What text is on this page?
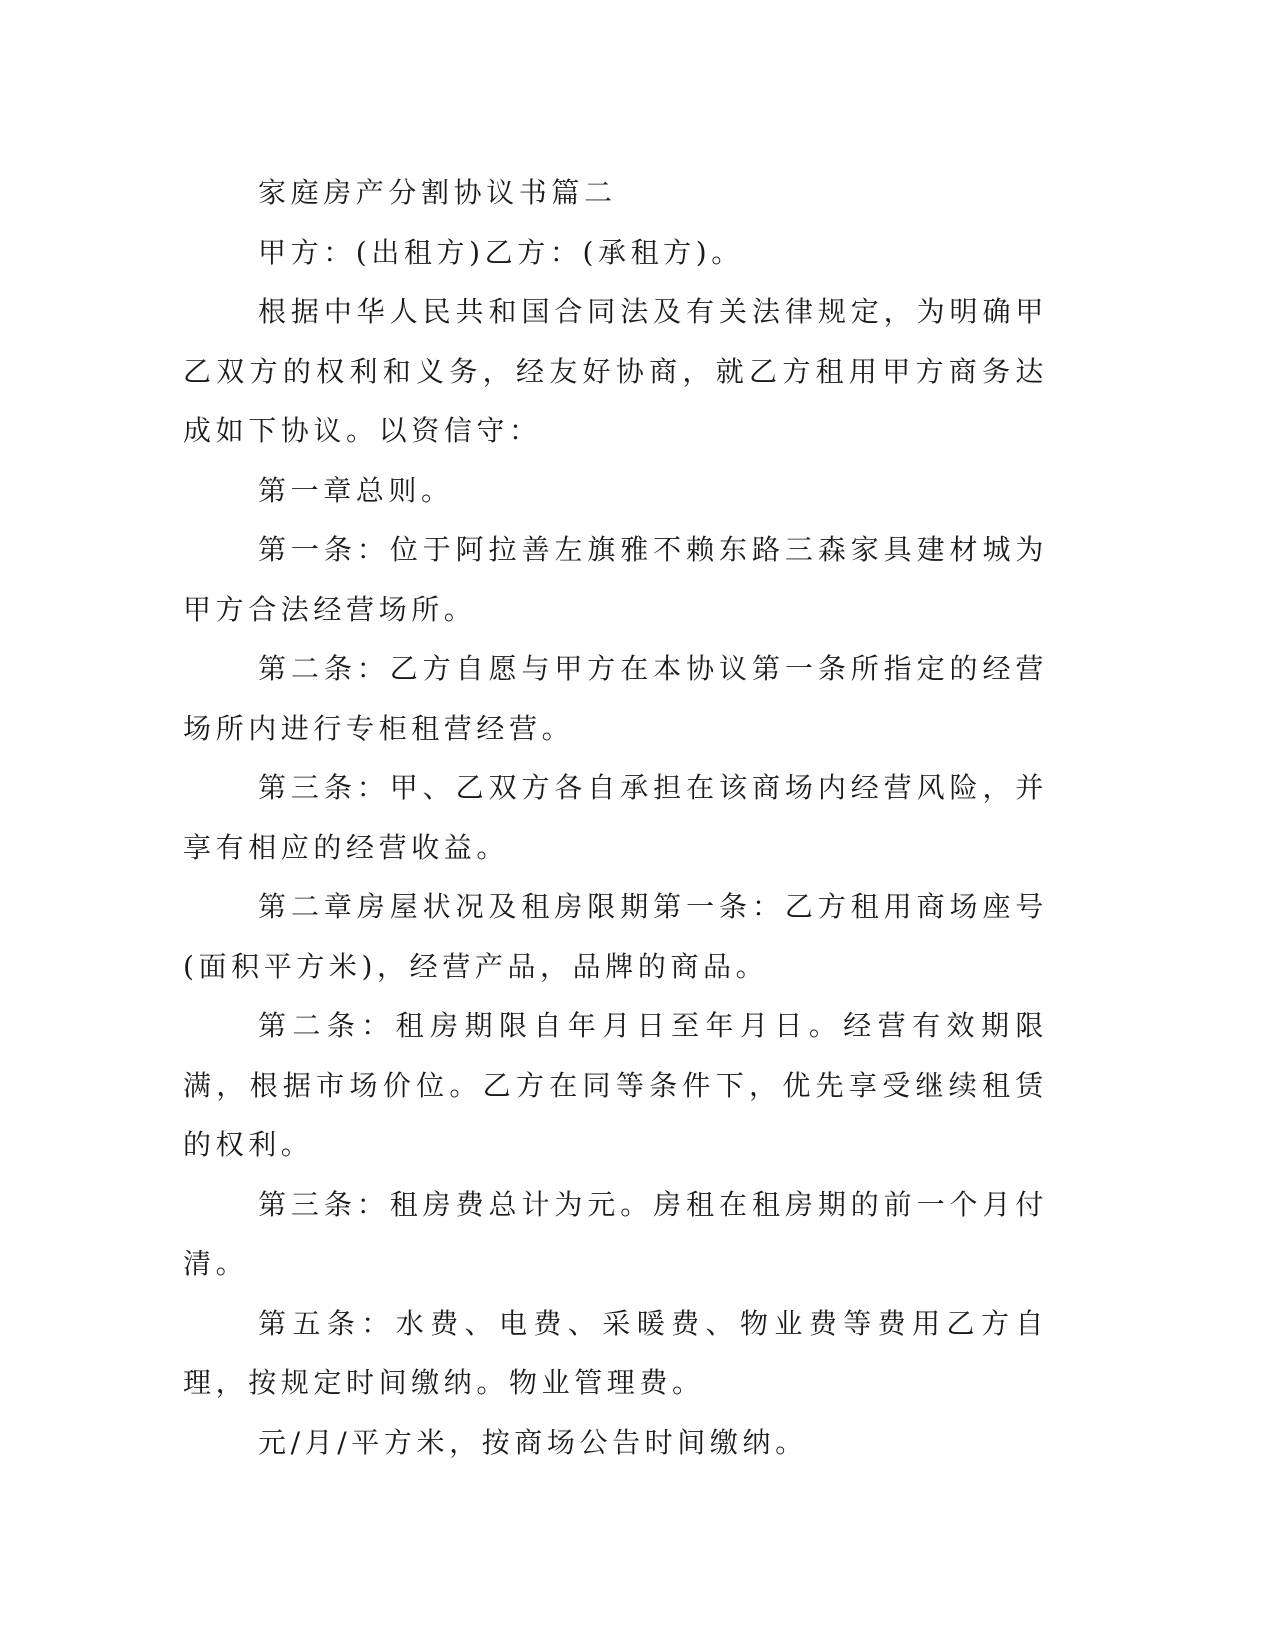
家庭房产分割协议书篇二

甲方：(出租方)乙方：(承租方)。

根据中华人民共和国合同法及有关法律规定，为明确甲乙双方的权利和义务，经友好协商，就乙方租用甲方商务达成如下协议。以资信守：

第一章总则。

第一条：位于阿拉善左旗雅不赖东路三森家具建材城为甲方合法经营场所。

第二条：乙方自愿与甲方在本协议第一条所指定的经营场所内进行专柜租营经营。

第三条：甲、乙双方各自承担在该商场内经营风险，并享有相应的经营收益。

第二章房屋状况及租房限期第一条：乙方租用商场座号(面积平方米)，经营产品，品牌的商品。

第二条：租房期限自年月日至年月日。经营有效期限满，根据市场价位。乙方在同等条件下，优先享受继续租赁的权利。

第三条：租房费总计为元。房租在租房期的前一个月付清。

第五条：水费、电费、采暖费、物业费等费用乙方自理，按规定时间缴纳。物业管理费。

元/月/平方米，按商场公告时间缴纳。
